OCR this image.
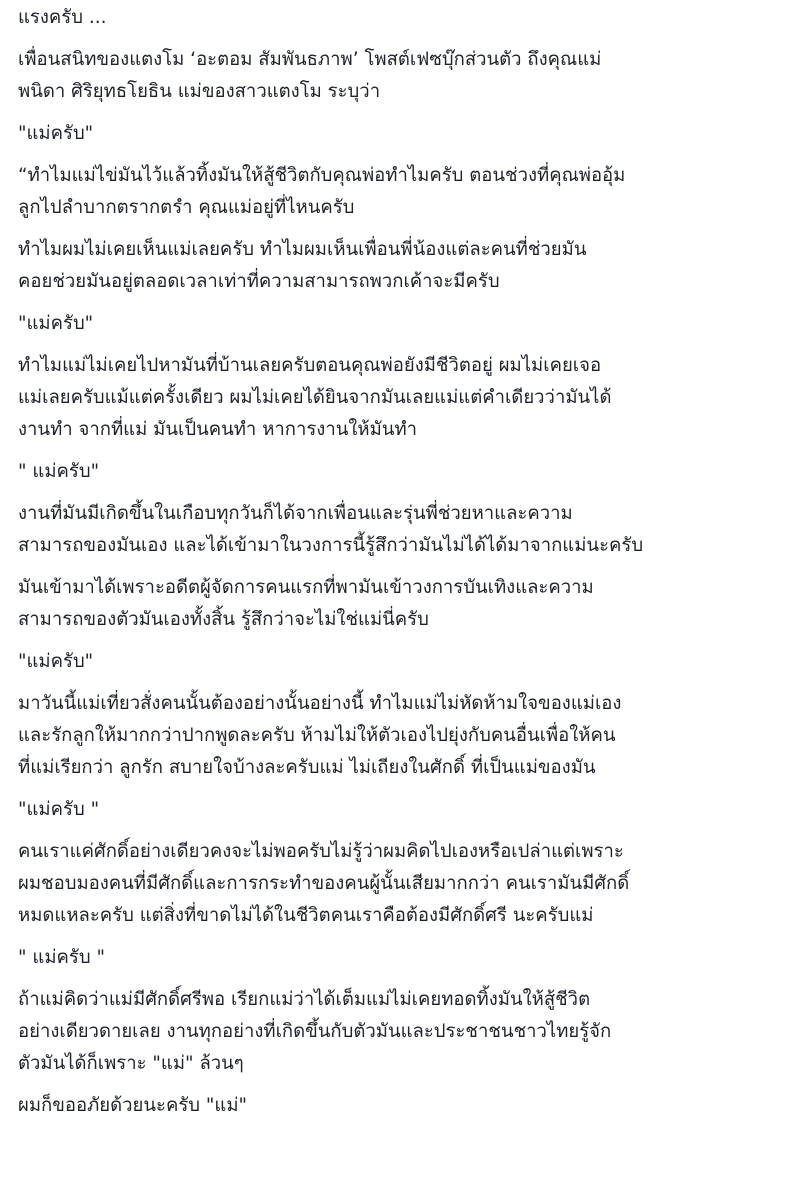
แรงครับ ...

เพื่อนสนิทของแตงโม ‘อะตอม สัมพันธภาพ’ โพสต์เฟซบุ๊กส่วนตัว ถึงคุณแม่
พนิดา ศิริยุทธโยธิน แม่ของสาวแตงโม ระบุว่า

"แม่ครับ"

“ทำไมแม่ไข่มันไว้แล้วทิ้งมันให้สู้ชีวิตกับคุณพ่อทำไมครับ ตอนช่วงที่คุณพ่ออุ้ม
ลูกไปลำบากตรากตรำ คุณแม่อยู่ที่ไหนครับ

ทำไมผมไม่เคยเห็นแม่เลยครับ ทำไมผมเห็นเพื่อนพี่น้องแต่ละคนที่ช่วยมัน
คอยช่วยมันอยู่ตลอดเวลาเท่าที่ความสามารถพวกเค้าจะมีครับ

"แม่ครับ"

ทำไมแม่ไม่เคยไปหามันที่บ้านเลยครับตอนคุณพ่อยังมีชีวิตอยู่ ผมไม่เคยเจอ
แม่เลยครับแม้แต่ครั้งเดียว ผมไม่เคยได้ยินจากมันเลยแม่แต่คำเดียวว่ามันได้
งานทำ จากที่แม่ มันเป็นคนทำ หาการงานให้มันทำ

" แม่ครับ"

งานที่มันมีเกิดขึ้นในเกือบทุกวันก็ได้จากเพื่อนและรุ่นพี่ช่วยหาและความ
สามารถของมันเอง และได้เข้ามาในวงการนี้รู้สึกว่ามันไม่ได้ได้มาจากแม่นะครับ

มันเข้ามาได้เพราะอดีตผู้จัดการคนแรกที่พามันเข้าวงการบันเทิงและความ
สามารถของตัวมันเองทั้งสิ้น รู้สึกว่าจะไม่ใช่แม่นี่ครับ

"แม่ครับ"

มาวันนี้แม่เที่ยวสั่งคนนั้นต้องอย่างนั้นอย่างนี้ ทำไมแม่ไม่หัดห้ามใจของแม่เอง
และรักลูกให้มากกว่าปากพูดละครับ ห้ามไม่ให้ตัวเองไปยุ่งกับคนอื่นเพื่อให้คน
ที่แม่เรียกว่า ลูกรัก สบายใจบ้างละครับแม่ ไม่เถียงในศักดิ์ ที่เป็นแม่ของมัน

"แม่ครับ "

คนเราแค่ศักดิ์อย่างเดียวคงจะไม่พอครับไม่รู้ว่าผมคิดไปเองหรือเปล่าแต่เพราะ
ผมชอบมองคนที่มีศักดิ์และการกระทำของคนผู้นั้นเสียมากกว่า คนเรามันมีศักดิ์
หมดแหละครับ แต่สิ่งที่ขาดไม่ได้ในชีวิตคนเราคือต้องมีศักดิ์ศรี นะครับแม่

" แม่ครับ "

ถ้าแม่คิดว่าแม่มีศักดิ์ศรีพอ เรียกแม่ว่าได้เต็มแม่ไม่เคยทอดทิ้งมันให้สู้ชีวิต
อย่างเดียวดายเลย งานทุกอย่างที่เกิดขึ้นกับตัวมันและประชาชนชาวไทยรู้จัก
ตัวมันได้ก็เพราะ "แม่" ล้วนๆ

ผมก็ขออภัยด้วยนะครับ "แม่"
